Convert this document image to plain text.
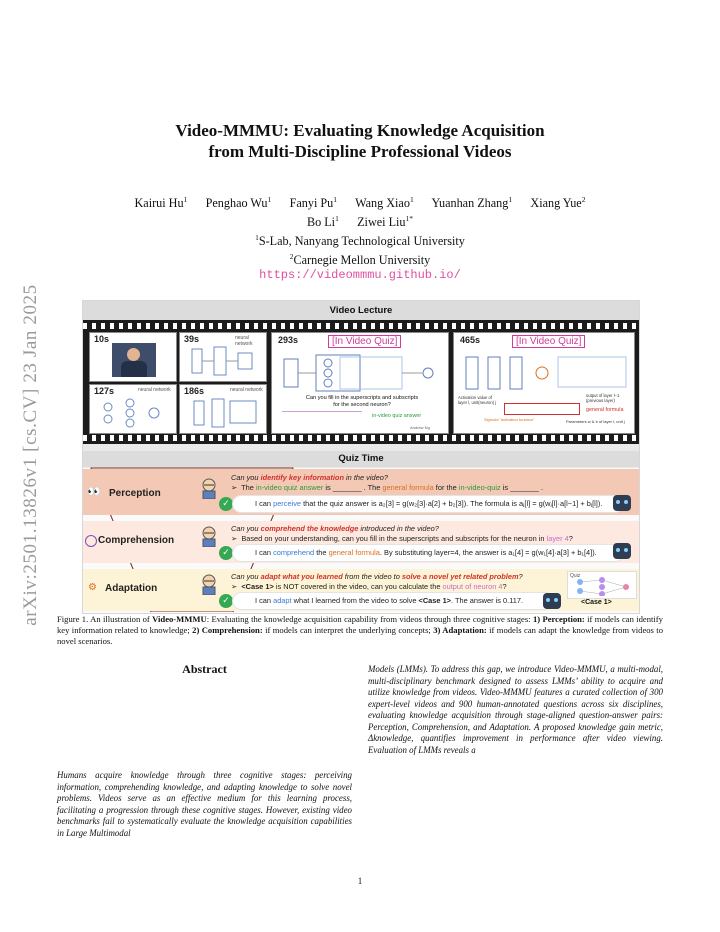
arXiv:2501.13826v1 [cs.CV] 23 Jan 2025
Video-MMMU: Evaluating Knowledge Acquisition
from Multi-Discipline Professional Videos
Kairui Hu$^1$ Penghao Wu$^1$ Fanyi Pu$^1$ Wang Xiao$^1$ Yuanhan Zhang$^1$ Xiang Yue$^2$
Bo Li$^1$ Ziwei Liu$^{1*}$
$^1$S-Lab, Nanyang Technological University
$^2$Carnegie Mellon University
https://videommmu.github.io/
Video Lecture
10s	39s	neural network
127s	neural network 186s	neural network
293s	[In Video Quiz]
Can you fill in the superscripts and subscripts for the second neuron?
in-video quiz answer
Andrew Ng
465s	[In Video Quiz]
Activation value of layer l, unit(neuron) j
output of layer l−1 (previous layer)
general formula
Sigmoid "activation function"	Parameters w & b of layer l, unit j
Quiz Time
👀 Perception
Can you identify key information in the video?
➢  The in-video quiz answer is _______ . The general formula for the in-video-quiz is _______ .
✓	I can perceive that the quiz answer is a₂[3] = g(w₂[3]·a[2] + b₂[3]). The formula is aⱼ[l] = g(wⱼ[l]·a[l−1] + bⱼ[l]).
Comprehension
Can you comprehend the knowledge introduced in the video?
➢  Based on your understanding, can you fill in the superscripts and subscripts for the neuron in layer 4?
✓	I can comprehend the general formula. By substituting layer=4, the answer is a₁[4] = g(w₁[4]·a[3] + b₁[4]).
⚙ Adaptation
Can you adapt what you learned from the video to solve a novel yet related problem?
➢  <Case 1> is NOT covered in the video, can you calculate the output of neuron 4?
✓	I can adapt what I learned from the video to solve <Case 1>. The answer is 0.117.
Quiz
<Case 1>
Figure 1. An illustration of Video-MMMU: Evaluating the knowledge acquisition capability from videos through three cognitive stages: 1) Perception: if models can identify key information related to knowledge; 2) Comprehension: if models can interpret the underlying concepts; 3) Adaptation: if models can adapt the knowledge from videos to novel scenarios.
Abstract
Humans acquire knowledge through three cognitive stages: perceiving information, comprehending knowledge, and adapting knowledge to solve novel problems. Videos serve as an effective medium for this learning process, facilitating a progression through these cognitive stages. However, existing video benchmarks fail to systematically evaluate the knowledge acquisition capabilities in Large Multimodal
Models (LMMs). To address this gap, we introduce Video-MMMU, a multi-modal, multi-disciplinary benchmark designed to assess LMMs’ ability to acquire and utilize knowledge from videos. Video-MMMU features a curated collection of 300 expert-level videos and 900 human-annotated questions across six disciplines, evaluating knowledge acquisition through stage-aligned question-answer pairs: Perception, Comprehension, and Adaptation. A proposed knowledge gain metric, Δknowledge, quantifies improvement in performance after video viewing. Evaluation of LMMs reveals a
1
